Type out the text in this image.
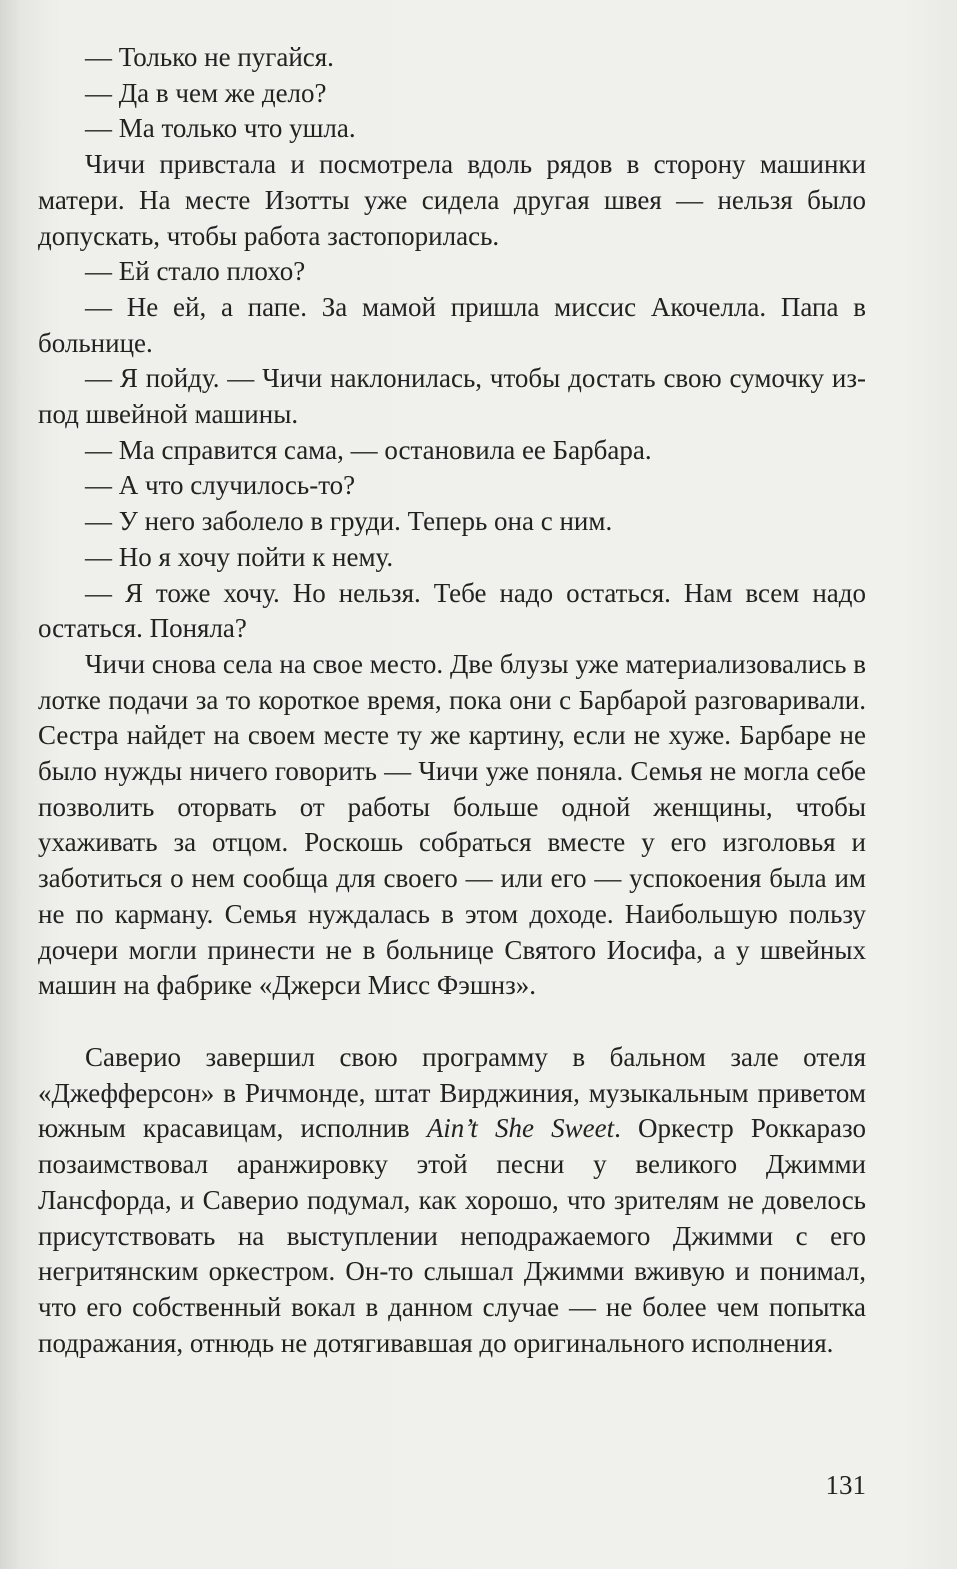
— Только не пугайся.

— Да в чем же дело?

— Ма только что ушла.

Чичи привстала и посмотрела вдоль рядов в сторону машинки матери. На месте Изотты уже сидела другая швея — нельзя было допускать, чтобы работа застопорилась.

— Ей стало плохо?

— Не ей, а папе. За мамой пришла миссис Акочелла. Папа в больнице.

— Я пойду. — Чичи наклонилась, чтобы достать свою сумочку из-под швейной машины.

— Ма справится сама, — остановила ее Барбара.

— А что случилось-то?

— У него заболело в груди. Теперь она с ним.

— Но я хочу пойти к нему.

— Я тоже хочу. Но нельзя. Тебе надо остаться. Нам всем надо остаться. Поняла?

Чичи снова села на свое место. Две блузы уже материализовались в лотке подачи за то короткое время, пока они с Барбарой разговаривали. Сестра найдет на своем месте ту же картину, если не хуже. Барбаре не было нужды ничего говорить — Чичи уже поняла. Семья не могла себе позволить оторвать от работы больше одной женщины, чтобы ухаживать за отцом. Роскошь собраться вместе у его изголовья и заботиться о нем сообща для своего — или его — успокоения была им не по карману. Семья нуждалась в этом доходе. Наибольшую пользу дочери могли принести не в больнице Святого Иосифа, а у швейных машин на фабрике «Джерси Мисс Фэшнз».

Саверио завершил свою программу в бальном зале отеля «Джефферсон» в Ричмонде, штат Вирджиния, музыкальным приветом южным красавицам, исполнив Ain’t She Sweet. Оркестр Роккаразо позаимствовал аранжировку этой песни у великого Джимми Лансфорда, и Саверио подумал, как хорошо, что зрителям не довелось присутствовать на выступлении неподражаемого Джимми с его негритянским оркестром. Он-то слышал Джимми вживую и понимал, что его собственный вокал в данном случае — не более чем попытка подражания, отнюдь не дотягивавшая до оригинального исполнения.

131
